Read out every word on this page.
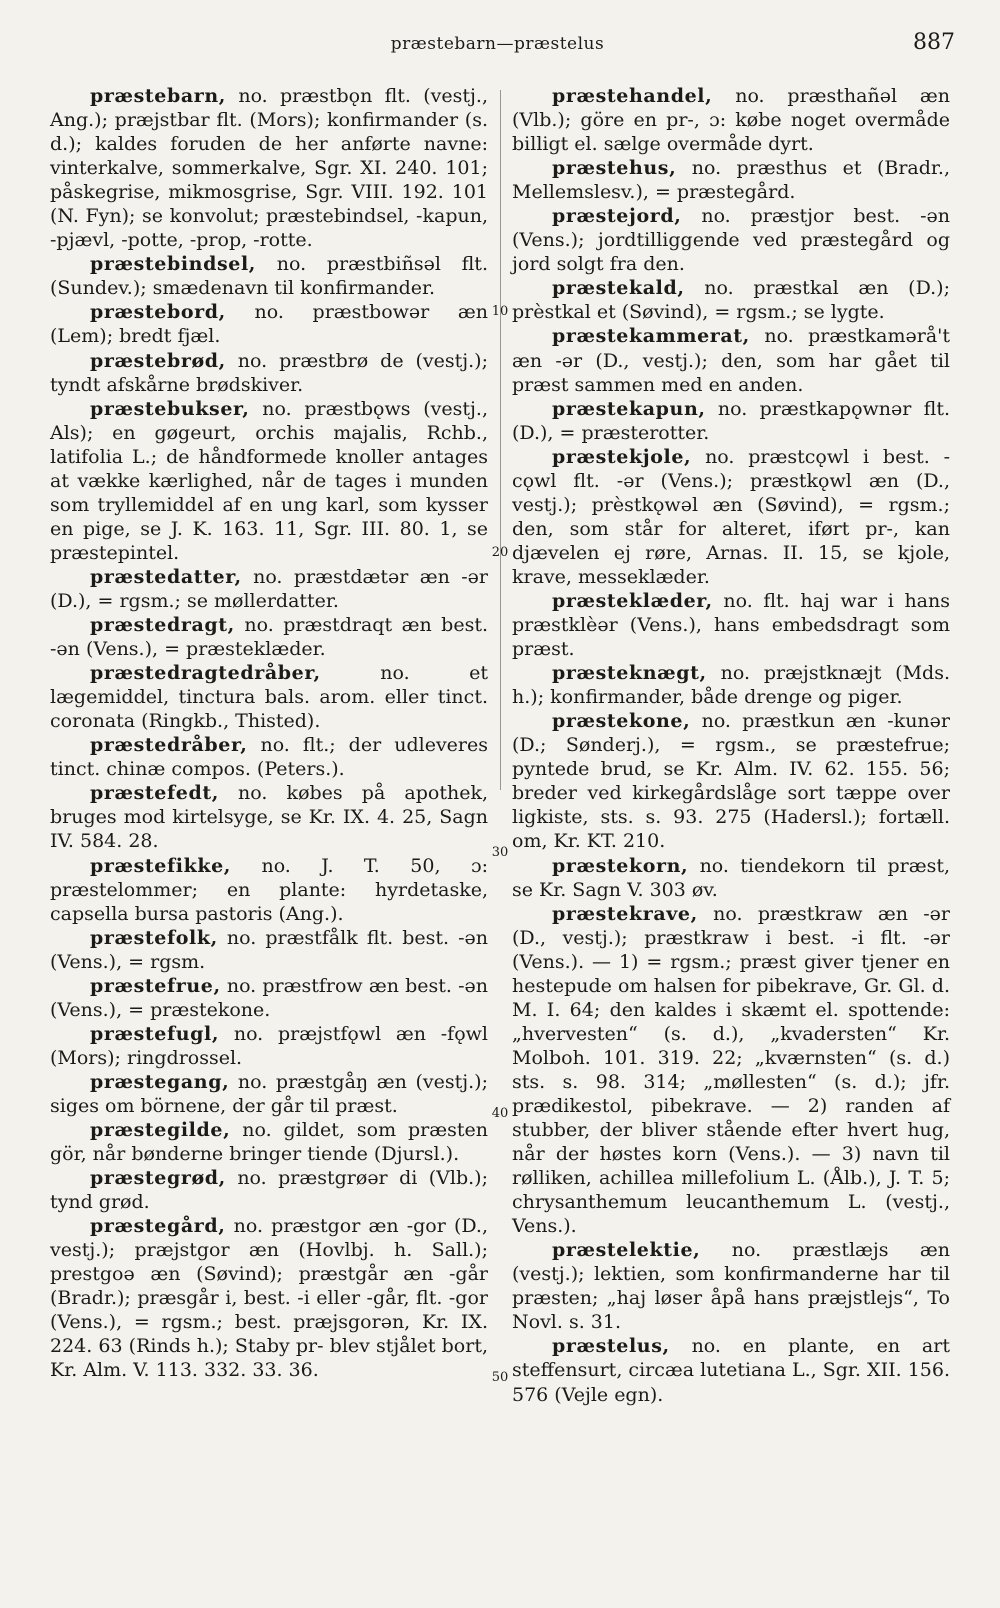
præstebarn—præstelus	887
10
20
30
40
50
præstebarn, no. præstbǫn flt. (vestj., Ang.); præjstbar flt. (Mors); konfirmander (s. d.); kaldes foruden de her anførte navne: vinterkalve, sommerkalve, Sgr. XI. 240. 101; påskegrise, mikmosgrise, Sgr. VIII. 192. 101 (N. Fyn); se konvolut; præstebindsel, -kapun, -pjævl, -potte, -prop, -rotte.
præstebindsel, no. præstbiñsəl flt. (Sundev.); smædenavn til konfirmander.
præstebord, no. præstbowər æn (Lem); bredt fjæl.
præstebrød, no. præstbrø de (vestj.); tyndt afskårne brødskiver.
præstebukser, no. præstbǫws (vestj., Als); en gøgeurt, orchis majalis, Rchb., latifolia L.; de håndformede knoller antages at vække kærlighed, når de tages i munden som tryllemiddel af en ung karl, som kysser en pige, se J. K. 163. 11, Sgr. III. 80. 1, se præstepintel.
præstedatter, no. præstdætər æn -ər (D.), = rgsm.; se møllerdatter.
præstedragt, no. præstdraqt æn best. -ən (Vens.), = præsteklæder.
præstedragtedråber,	no. et lægemiddel, tinctura bals. arom. eller tinct. coronata (Ringkb., Thisted).
præstedråber, no. flt.; der udleveres tinct. chinæ compos. (Peters.).
præstefedt, no. købes på apothek, bruges mod kirtelsyge, se Kr. IX. 4. 25, Sagn IV. 584. 28.
præstefikke, no. J. T. 50, ɔ: præstelommer; en plante: hyrdetaske, capsella bursa pastoris (Ang.).
præstefolk, no. præstfålk flt. best. -ən (Vens.), = rgsm.
præstefrue, no. præstfrow æn best. -ən (Vens.), = præstekone.
præstefugl, no. præjstfǫwl æn -fǫwl (Mors); ringdrossel.
præstegang, no. præstgåŋ æn (vestj.); siges om börnene, der går til præst.
præstegilde, no. gildet, som præsten gör, når bønderne bringer tiende (Djursl.).
præstegrød, no. præstgrøər di (Vlb.); tynd grød.
præstegård, no. præstgor æn -gor (D., vestj.); præjstgor æn (Hovlbj. h. Sall.); prestgoə æn (Søvind); præstgår æn -går (Bradr.); præsgår i, best. -i eller -går, flt. -gor (Vens.), = rgsm.; best. præjsgorən, Kr. IX. 224. 63 (Rinds h.); Staby pr- blev stjålet bort, Kr. Alm. V. 113. 332. 33. 36.
præstehandel, no. præsthañəl æn (Vlb.); göre en pr-, ɔ: købe noget overmåde billigt el. sælge overmåde dyrt.
præstehus, no. præsthus et (Bradr., Mellemslesv.), = præstegård.
præstejord, no. præstjor best. -ən (Vens.); jordtilliggende ved præstegård og jord solgt fra den.
præstekald, no. præstkal æn (D.); prèstkal et (Søvind), = rgsm.; se lygte.
præstekammerat, no. præstkamərå't æn -ər (D., vestj.); den, som har gået til præst sammen med en anden.
præstekapun, no. præstkapǫwnər flt. (D.), = præsterotter.
præstekjole, no. præstcǫwl i best. -cǫwl flt. -ər (Vens.); præstkǫwl æn (D., vestj.); prèstkǫwəl æn (Søvind), = rgsm.; den, som står for alteret, iført pr-, kan djævelen ej røre, Arnas. II. 15, se kjole, krave, messeklæder.
præsteklæder, no. flt. haj war i hans præstklèər (Vens.), hans embedsdragt som præst.
præsteknægt, no. præjstknæjt (Mds. h.); konfirmander, både drenge og piger.
præstekone, no. præstkun æn -kunər (D.; Sønderj.), = rgsm., se præstefrue; pyntede brud, se Kr. Alm. IV. 62. 155. 56; breder ved kirkegårdslåge sort tæppe over ligkiste, sts. s. 93. 275 (Hadersl.); fortæll. om, Kr. KT. 210.
præstekorn, no. tiendekorn til præst, se Kr. Sagn V. 303 øv.
præstekrave, no. præstkraw æn -ər (D., vestj.); præstkraw i best. -i flt. -ər (Vens.). — 1) = rgsm.; præst giver tjener en hestepude om halsen for pibekrave, Gr. Gl. d. M. I. 64; den kaldes i skæmt el. spottende: „hvervesten“ (s. d.), „kvadersten“ Kr. Molboh. 101. 319. 22; „kværnsten“ (s. d.) sts. s. 98. 314; „møllesten“ (s. d.); jfr. prædikestol, pibekrave. — 2) randen af stubber, der bliver stående efter hvert hug, når der høstes korn (Vens.). — 3) navn til rølliken, achillea millefolium L. (Ålb.), J. T. 5; chrysanthemum leucanthemum L. (vestj., Vens.).
præstelektie, no. præstlæjs æn (vestj.); lektien, som konfirmanderne har til præsten; „haj løser åpå hans præjstlejs“, To Novl. s. 31.
præstelus, no. en plante, en art steffensurt, circæa lutetiana L., Sgr. XII. 156. 576 (Vejle egn).
